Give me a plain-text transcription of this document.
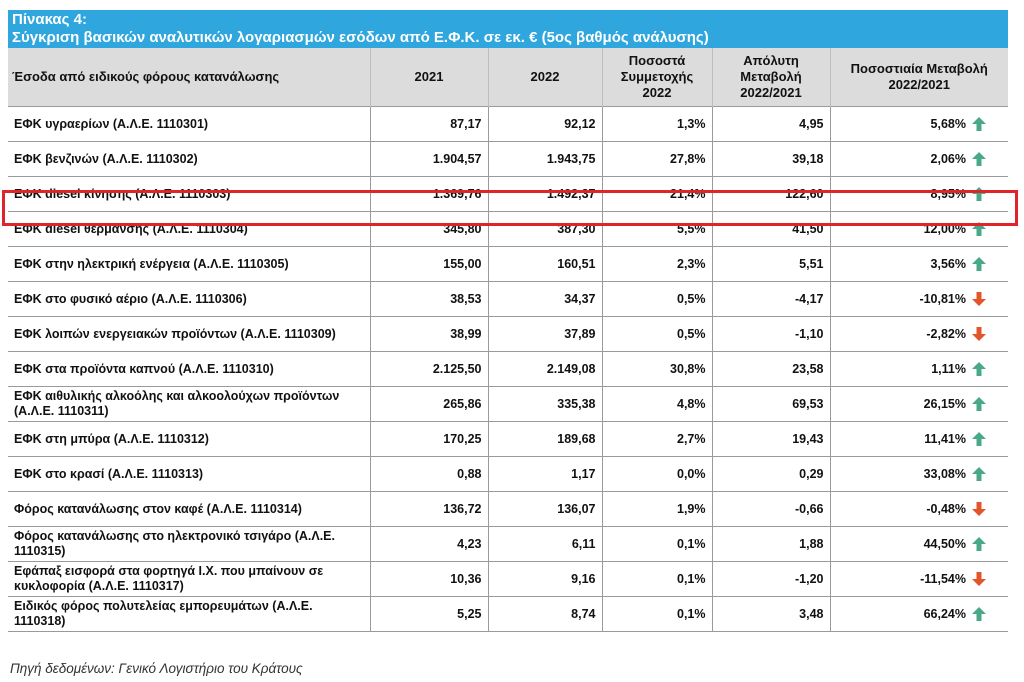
Πίνακας 4:
Σύγκριση βασικών αναλυτικών λογαριασμών εσόδων από Ε.Φ.Κ. σε εκ. € (5ος βαθμός ανάλυσης)
Έσοδα από ειδικούς φόρους κατανάλωσης	2021	2022	Ποσοστά Συμμετοχής 2022	Απόλυτη Μεταβολή 2022/2021	Ποσοστιαία Μεταβολή 2022/2021
ΕΦΚ υγραερίων (Α.Λ.Ε. 1110301)	87,17	92,12	1,3%	4,95	5,68%

ΕΦΚ βενζινών (Α.Λ.Ε. 1110302)	1.904,57	1.943,75	27,8%	39,18	2,06%

ΕΦΚ diesel κίνησης (Α.Λ.Ε. 1110303)	1.369,76	1.492,37	21,4%	122,60	8,95%

ΕΦΚ diesel θέρμανσης (Α.Λ.Ε. 1110304)	345,80	387,30	5,5%	41,50	12,00%

ΕΦΚ στην ηλεκτρική ενέργεια (Α.Λ.Ε. 1110305)	155,00	160,51	2,3%	5,51	3,56%

ΕΦΚ στο φυσικό αέριο (Α.Λ.Ε. 1110306)	38,53	34,37	0,5%	-4,17	-10,81%

ΕΦΚ λοιπών ενεργειακών προϊόντων (Α.Λ.Ε. 1110309)	38,99	37,89	0,5%	-1,10	-2,82%

ΕΦΚ στα προϊόντα καπνού (Α.Λ.Ε. 1110310)	2.125,50	2.149,08	30,8%	23,58	1,11%

ΕΦΚ αιθυλικής αλκοόλης και αλκοολούχων προϊόντων (Α.Λ.Ε. 1110311)	265,86	335,38	4,8%	69,53	26,15%

ΕΦΚ στη μπύρα (Α.Λ.Ε. 1110312)	170,25	189,68	2,7%	19,43	11,41%

ΕΦΚ στο κρασί (Α.Λ.Ε. 1110313)	0,88	1,17	0,0%	0,29	33,08%

Φόρος κατανάλωσης στον καφέ (Α.Λ.Ε. 1110314)	136,72	136,07	1,9%	-0,66	-0,48%

Φόρος κατανάλωσης στο ηλεκτρονικό τσιγάρο (Α.Λ.Ε. 1110315)	4,23	6,11	0,1%	1,88	44,50%

Εφάπαξ εισφορά στα φορτηγά Ι.Χ. που μπαίνουν σε κυκλοφορία (Α.Λ.Ε. 1110317)	10,36	9,16	0,1%	-1,20	-11,54%

Ειδικός φόρος πολυτελείας εμπορευμάτων (Α.Λ.Ε. 1110318)	5,25	8,74	0,1%	3,48	66,24%
Πηγή δεδομένων: Γενικό Λογιστήριο του Κράτους
